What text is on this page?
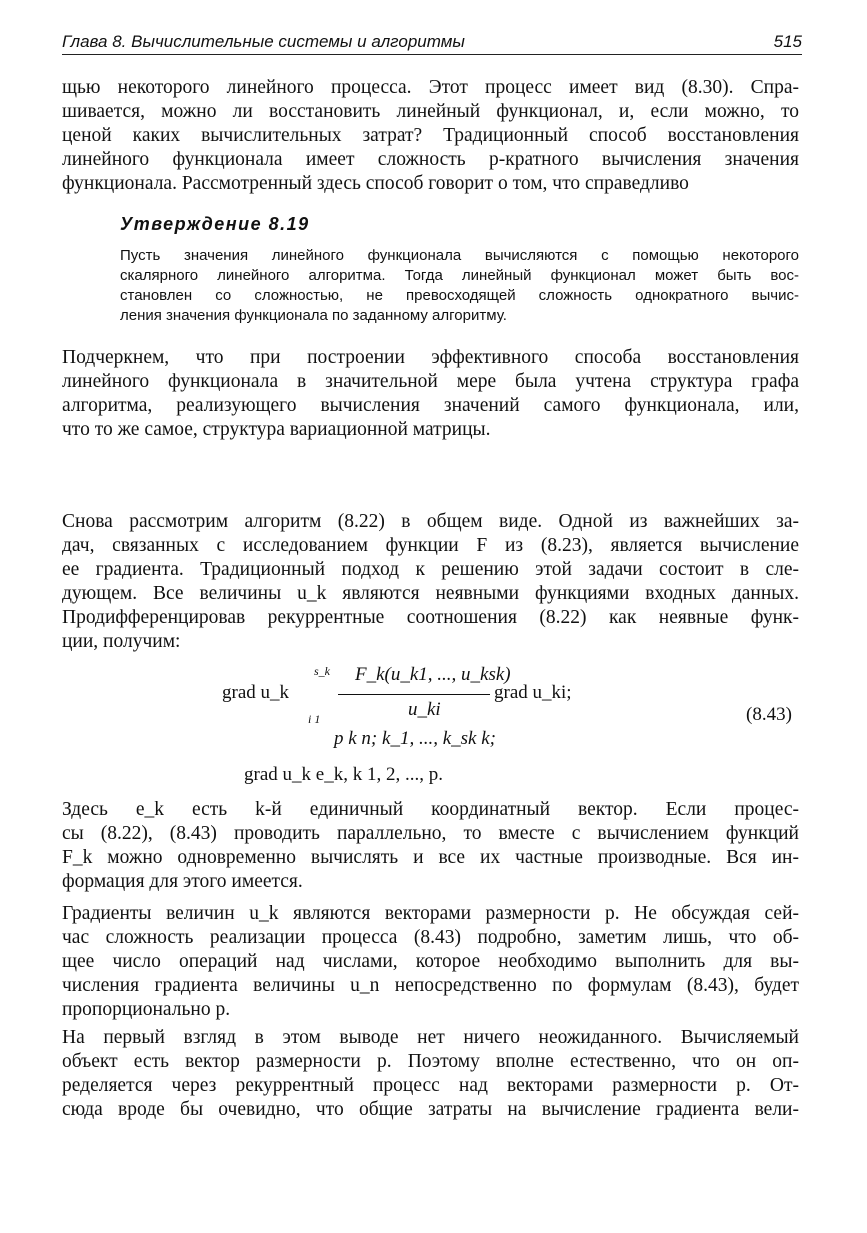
Глава 8. Вычислительные системы и алгоритмы	515
щью некоторого линейного процесса. Этот процесс имеет вид (8.30). Спра-
шивается, можно ли восстановить линейный функционал, и, если можно, то
ценой каких вычислительных затрат? Традиционный способ восстановления
линейного функционала имеет сложность p-кратного вычисления значения
функционала. Рассмотренный здесь способ говорит о том, что справедливо
Утверждение 8.19
Пусть значения линейного функционала вычисляются с помощью некоторого
скалярного линейного алгоритма. Тогда линейный функционал может быть вос-
становлен со сложностью, не превосходящей сложность однократного вычис-
ления значения функционала по заданному алгоритму.
Подчеркнем, что при построении эффективного способа восстановления
линейного функционала в значительной мере была учтена структура графа
алгоритма, реализующего вычисления значений самого функционала, или,
что то же самое, структура вариационной матрицы.
Снова рассмотрим алгоритм (8.22) в общем виде. Одной из важнейших за-
дач, связанных с исследованием функции F из (8.23), является вычисление
ее градиента. Традиционный подход к решению этой задачи состоит в сле-
дующем. Все величины u_k являются неявными функциями входных данных.
Продифференцировав рекуррентные соотношения (8.22) как неявные функ-
ции, получим:
grad u_k
s_k
i 1
F_k(u_k1, ..., u_ksk)
u_ki
grad u_ki;
p k n; k_1, ..., k_sk k;
grad u_k e_k, k 1, 2, ..., p.
(8.43)
Здесь e_k есть k-й единичный координатный вектор. Если процес-
сы (8.22), (8.43) проводить параллельно, то вместе с вычислением функций
F_k можно одновременно вычислять и все их частные производные. Вся ин-
формация для этого имеется.
Градиенты величин u_k являются векторами размерности p. Не обсуждая сей-
час сложность реализации процесса (8.43) подробно, заметим лишь, что об-
щее число операций над числами, которое необходимо выполнить для вы-
числения градиента величины u_n непосредственно по формулам (8.43), будет
пропорционально p.
На первый взгляд в этом выводе нет ничего неожиданного. Вычисляемый
объект есть вектор размерности p. Поэтому вполне естественно, что он оп-
ределяется через рекуррентный процесс над векторами размерности p. От-
сюда вроде бы очевидно, что общие затраты на вычисление градиента вели-
